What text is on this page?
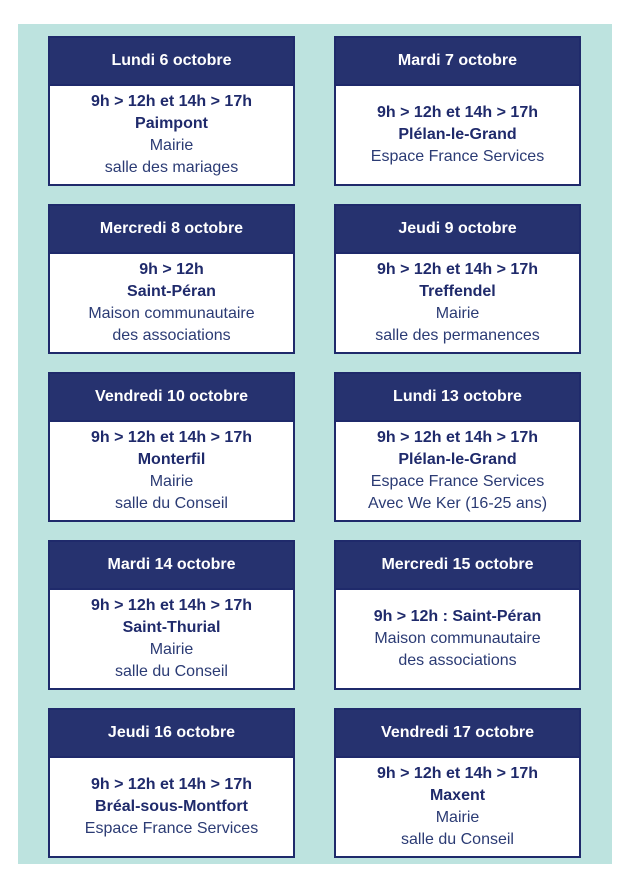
Lundi 6 octobre
9h > 12h et 14h > 17h
Paimpont
Mairie
salle des mariages
Mardi 7 octobre
9h > 12h et 14h > 17h
Plélan-le-Grand
Espace France Services
Mercredi 8 octobre
9h > 12h
Saint-Péran
Maison communautaire
des associations
Jeudi 9 octobre
9h > 12h et 14h > 17h
Treffendel
Mairie
salle des permanences
Vendredi 10 octobre
9h > 12h et 14h > 17h
Monterfil
Mairie
salle du Conseil
Lundi 13 octobre
9h > 12h et 14h > 17h
Plélan-le-Grand
Espace France Services
Avec We Ker (16-25 ans)
Mardi 14 octobre
9h > 12h et 14h > 17h
Saint-Thurial
Mairie
salle du Conseil
Mercredi 15 octobre
9h > 12h : Saint-Péran
Maison communautaire
des associations
Jeudi 16 octobre
9h > 12h et 14h > 17h
Bréal-sous-Montfort
Espace France Services
Vendredi 17 octobre
9h > 12h et 14h > 17h
Maxent
Mairie
salle du Conseil
